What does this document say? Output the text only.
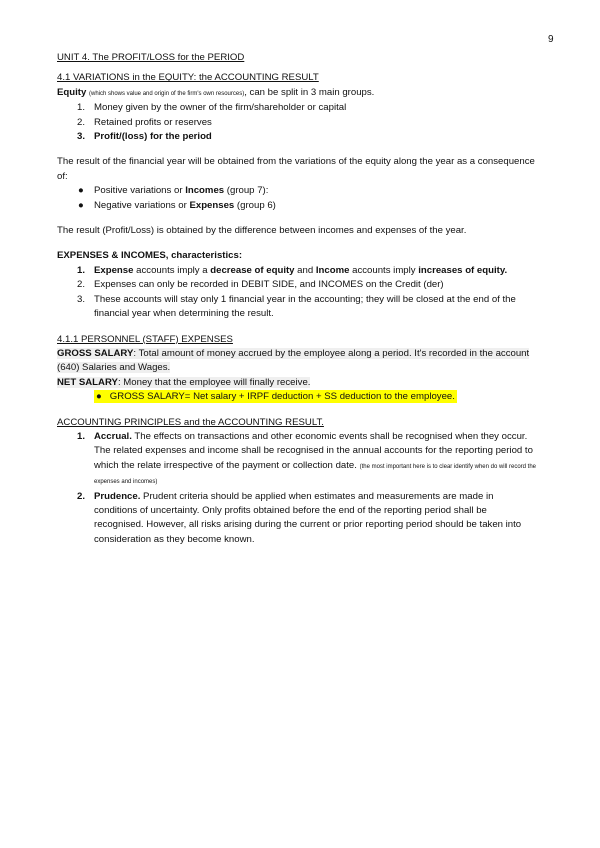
9

UNIT 4. The PROFIT/LOSS for the PERIOD

4.1 VARIATIONS in the EQUITY: the ACCOUNTING RESULT

Equity (which shows value and origin of the firm's own resources), can be split in 3 main groups.

1. Money given by the owner of the firm/shareholder or capital
2. Retained profits or reserves
3. Profit/(loss) for the period

The result of the financial year will be obtained from the variations of the equity along the year as a consequence of:

● Positive variations or Incomes (group 7):
● Negative variations or Expenses (group 6)

The result (Profit/Loss) is obtained by the difference between incomes and expenses of the year.

EXPENSES & INCOMES, characteristics:

1. Expense accounts imply a decrease of equity and Income accounts imply increases of equity.
2. Expenses can only be recorded in DEBIT SIDE, and INCOMES on the Credit (der)
3. These accounts will stay only 1 financial year in the accounting; they will be closed at the end of the financial year when determining the result.

4.1.1 PERSONNEL (STAFF) EXPENSES

GROSS SALARY: Total amount of money accrued by the employee along a period. It's recorded in the account (640) Salaries and Wages.

NET SALARY: Money that the employee will finally receive.

● GROSS SALARY= Net salary + IRPF deduction + SS deduction to the employee.

ACCOUNTING PRINCIPLES and the ACCOUNTING RESULT.

1. Accrual. The effects on transactions and other economic events shall be recognised when they occur. The related expenses and income shall be recognised in the annual accounts for the reporting period to which the relate irrespective of the payment or collection date. (the most important here is to clear identify when do will record the expenses and incomes)
2. Prudence. Prudent criteria should be applied when estimates and measurements are made in conditions of uncertainty. Only profits obtained before the end of the reporting period shall be recognised. However, all risks arising during the current or prior reporting period should be taken into consideration as they become known.
